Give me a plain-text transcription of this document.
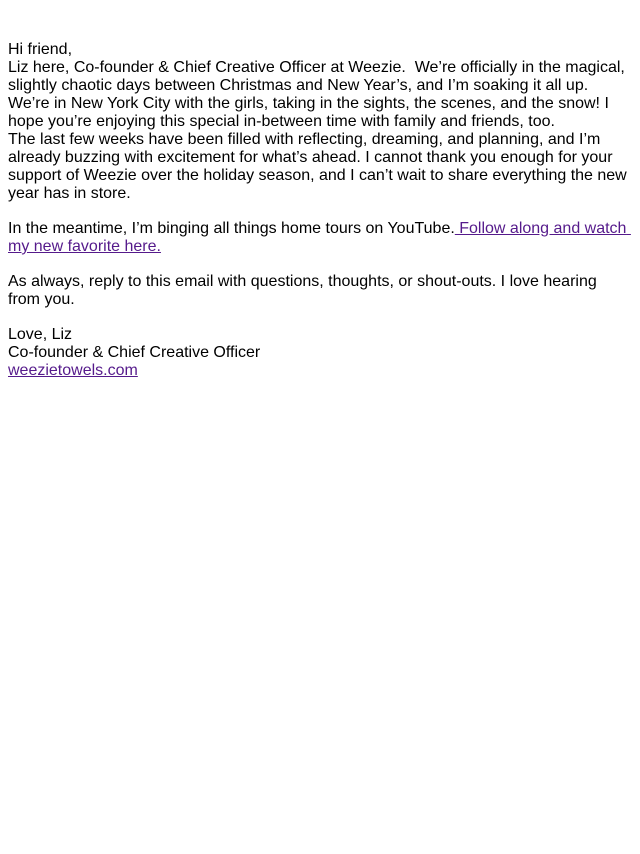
Hi friend,

Liz here, Co-founder & Chief Creative Officer at Weezie.  We’re officially in the magical, slightly chaotic days between Christmas and New Year’s, and I’m soaking it all up. We’re in New York City with the girls, taking in the sights, the scenes, and the snow! I hope you’re enjoying this special in-between time with family and friends, too.

The last few weeks have been filled with reflecting, dreaming, and planning, and I’m already buzzing with excitement for what’s ahead. I cannot thank you enough for your support of Weezie over the holiday season, and I can’t wait to share everything the new year has in store.

In the meantime, I’m binging all things home tours on YouTube. Follow along and watch my new favorite here.

As always, reply to this email with questions, thoughts, or shout-outs. I love hearing from you.

Love, Liz

Co-founder & Chief Creative Officer

weezietowels.com
